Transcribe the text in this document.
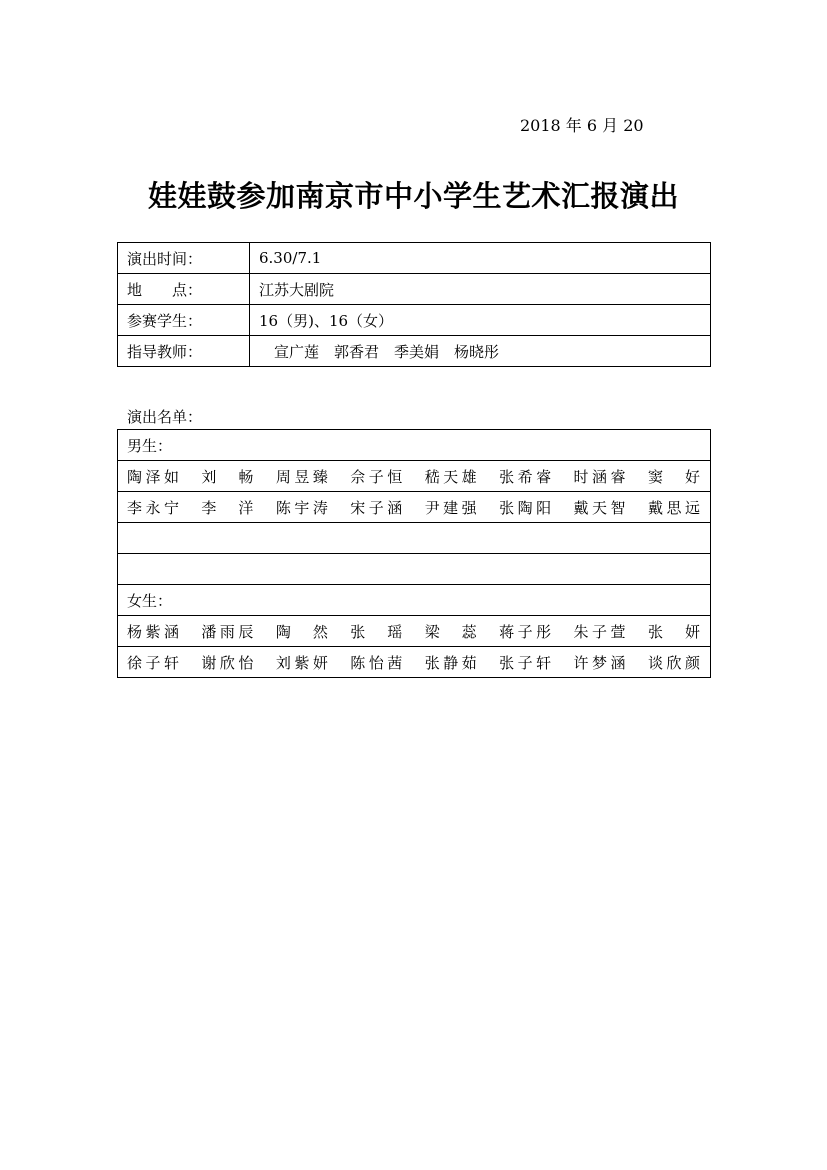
2018 年 6 月 20
娃娃鼓参加南京市中小学生艺术汇报演出
演出时间：	6.30/7.1
地　　点：	江苏大剧院
参赛学生：	16（男)、16（女）
指导教师：	　宣广莲　郭香君　季美娟　杨晓彤
演出名单：
男生：

陶泽如 刘畅 周昱臻 佘子恒 嵇天雄 张希睿 时涵睿 窦好

李永宁 李洋 陈宇涛 宋子涵 尹建强 张陶阳 戴天智 戴思远

女生：

杨紫涵 潘雨辰 陶然 张瑶 梁蕊 蒋子彤 朱子萱 张妍

徐子轩 谢欣怡 刘紫妍 陈怡茜 张静茹 张子轩 许梦涵 谈欣颜
